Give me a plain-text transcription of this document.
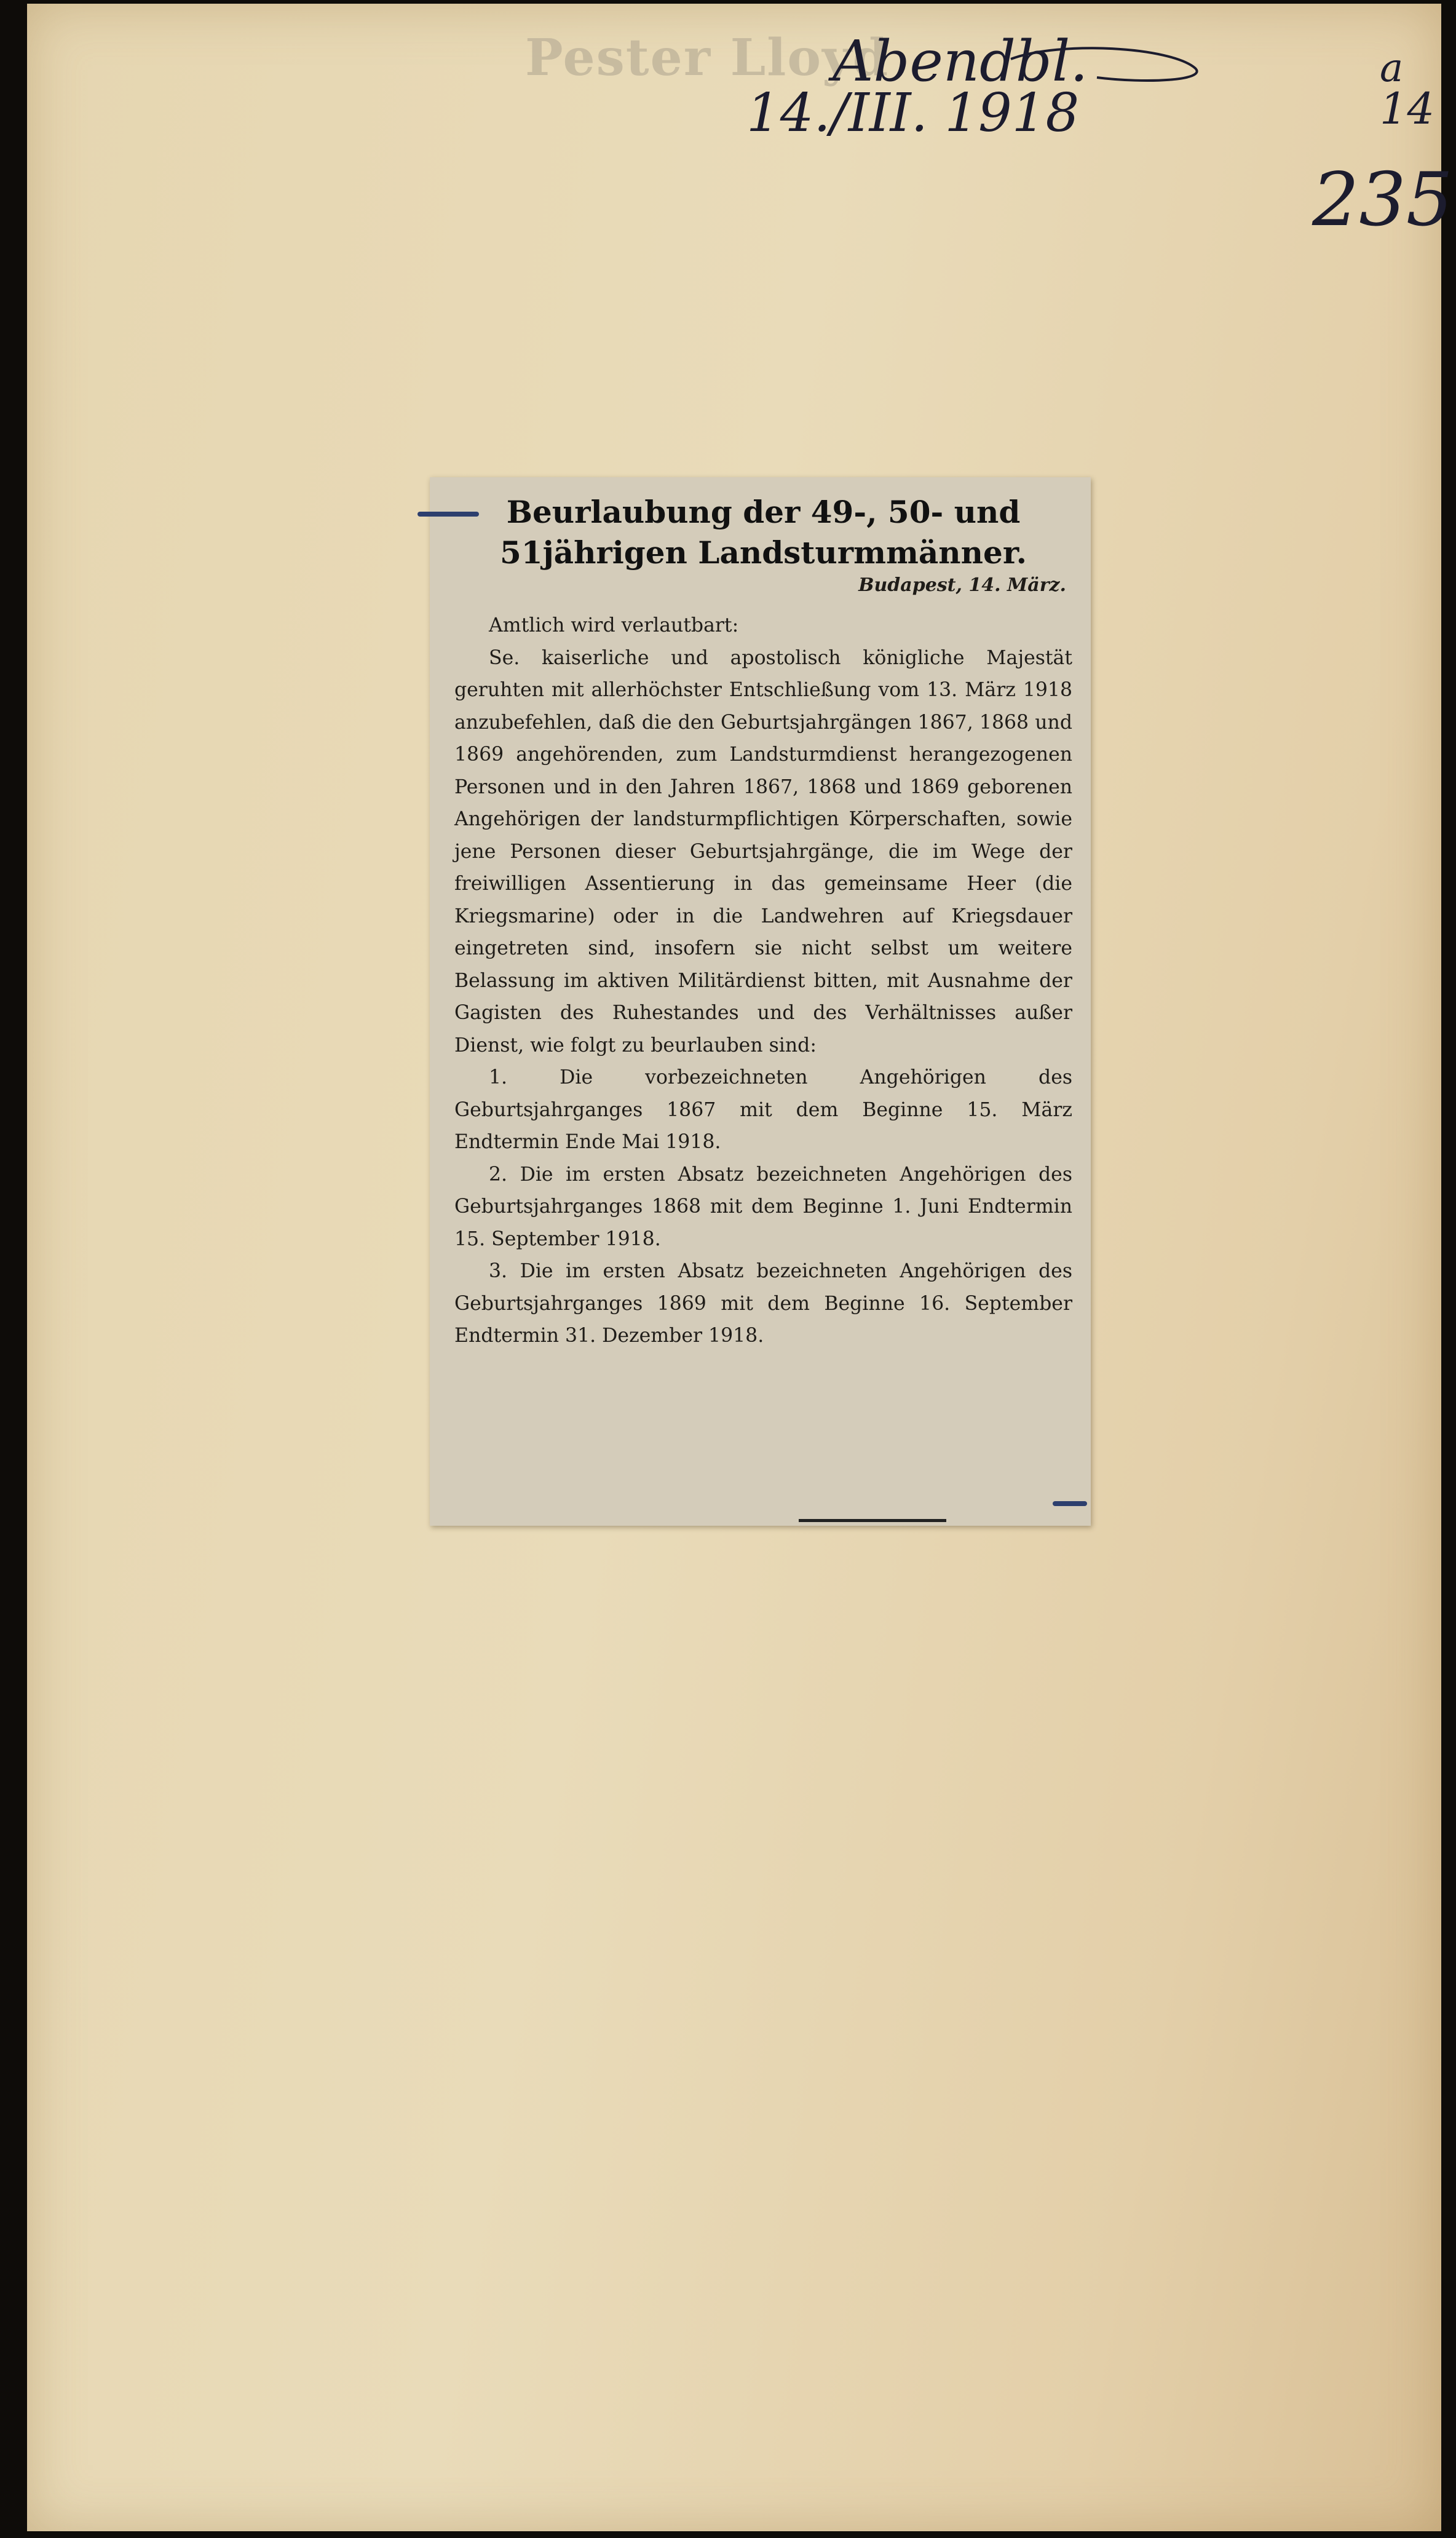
Pester Lloyd
Abendbl.
14./III. 1918
a
14
235

Beurlaubung der 49-, 50- und

51jährigen Landsturmmänner.

Budapest, 14. März.

Amtlich wird verlautbart:

Se. kaiserliche und apostolisch königliche Majestät geruhten mit allerhöchster Entschließung vom 13. März 1918 anzubefehlen, daß die den Geburtsjahrgängen 1867, 1868 und 1869 angehörenden, zum Landsturmdienst herangezogenen Personen und in den Jahren 1867, 1868 und 1869 geborenen Angehörigen der landsturmpflichtigen Körperschaften, sowie jene Personen dieser Geburtsjahrgänge, die im Wege der freiwilligen Assentierung in das gemeinsame Heer (die Kriegsmarine) oder in die Landwehren auf Kriegsdauer eingetreten sind, insofern sie nicht selbst um weitere Belassung im aktiven Militärdienst bitten, mit Ausnahme der Gagisten des Ruhestandes und des Verhältnisses außer Dienst, wie folgt zu beurlauben sind:

1. Die vorbezeichneten Angehörigen des Geburtsjahrganges 1867 mit dem Beginne 15. März Endtermin Ende Mai 1918.

2. Die im ersten Absatz bezeichneten Angehörigen des Geburtsjahrganges 1868 mit dem Beginne 1. Juni Endtermin 15. September 1918.

3. Die im ersten Absatz bezeichneten Angehörigen des Geburtsjahrganges 1869 mit dem Beginne 16. September Endtermin 31. Dezember 1918.
